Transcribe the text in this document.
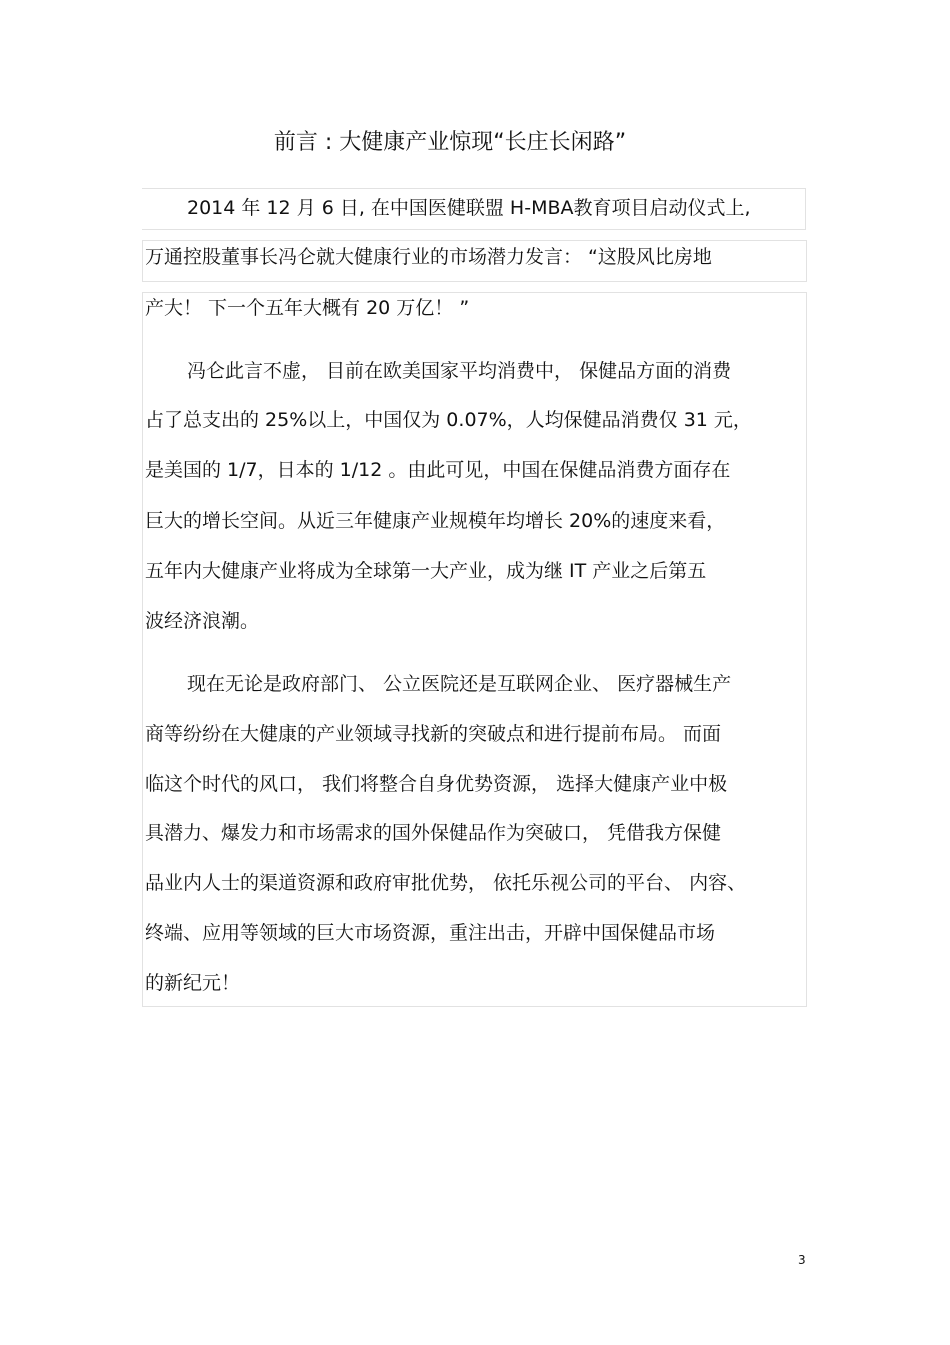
前言 : 大健康产业惊现“长庄长闲路”
2014 年 12 月 6 日, 在中国医健联盟 H-MBA教育项目启动仪式上,
万通控股董事长冯仑就大健康行业的市场潜力发言： “这股风比房地
产大！ 下一个五年大概有 20 万亿！ ”
冯仑此言不虚， 目前在欧美国家平均消费中， 保健品方面的消费
占了总支出的 25%以上，中国仅为 0.07%，人均保健品消费仅 31 元，
是美国的 1/7，日本的 1/12 。由此可见，中国在保健品消费方面存在
巨大的增长空间。从近三年健康产业规模年均增长 20%的速度来看，
五年内大健康产业将成为全球第一大产业，成为继 IT 产业之后第五
波经济浪潮。
现在无论是政府部门、 公立医院还是互联网企业、 医疗器械生产
商等纷纷在大健康的产业领域寻找新的突破点和进行提前布局。 而面
临这个时代的风口， 我们将整合自身优势资源， 选择大健康产业中极
具潜力、爆发力和市场需求的国外保健品作为突破口， 凭借我方保健
品业内人士的渠道资源和政府审批优势， 依托乐视公司的平台、 内容、
终端、应用等领域的巨大市场资源，重注出击，开辟中国保健品市场
的新纪元！
3
